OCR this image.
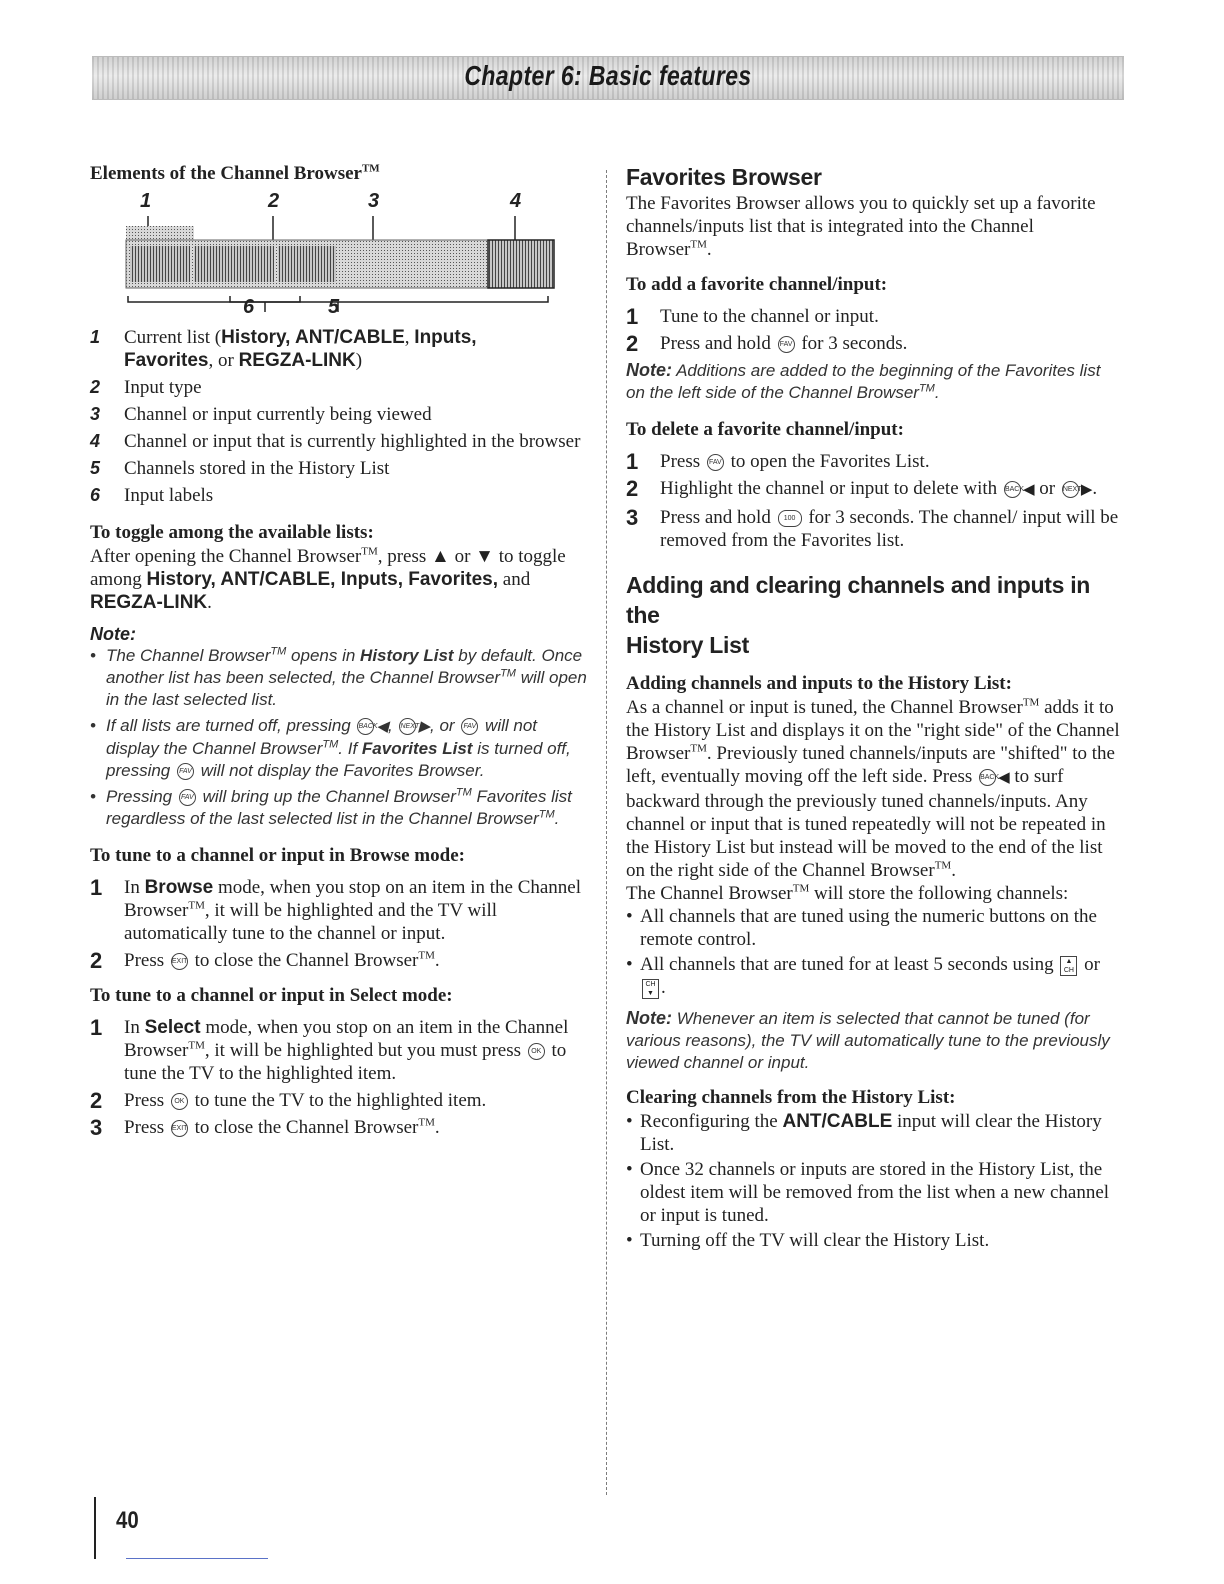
Chapter 6: Basic features
Elements of the Channel Browser™
1	2	3	4
6	5
1	Current list (History, ANT/CABLE, Inputs,
Favorites, or REGZA-LINK)
2	Input type
3	Channel or input currently being viewed
4	Channel or input that is currently highlighted in the browser
5	Channels stored in the History List
6	Input labels
To toggle among the available lists:

After opening the Channel Browser™, press ▲ or ▼ to toggle among History, ANT/CABLE, Inputs, Favorites, and REGZA-LINK.

Note:
• The Channel Browser™ opens in History List by default. Once another list has been selected, the Channel Browser™ will open in the last selected list.
• If all lists are turned off, pressing BACK◀, NEXT▶, or FAV will not display the Channel Browser™. If Favorites List is turned off, pressing FAV will not display the Favorites Browser.
• Pressing FAV will bring up the Channel Browser™ Favorites list regardless of the last selected list in the Channel Browser™.
To tune to a channel or input in Browse mode:
1	In Browse mode, when you stop on an item in the Channel Browser™, it will be highlighted and the TV will automatically tune to the channel or input.
2	Press EXIT to close the Channel Browser™.
To tune to a channel or input in Select mode:
1	In Select mode, when you stop on an item in the Channel Browser™, it will be highlighted but you must press OK to tune the TV to the highlighted item.
2	Press OK to tune the TV to the highlighted item.
3	Press EXIT to close the Channel Browser™.
Favorites Browser

The Favorites Browser allows you to quickly set up a favorite channels/inputs list that is integrated into the Channel Browser™.

To add a favorite channel/input:
1	Tune to the channel or input.
2	Press and hold FAV for 3 seconds.

Note: Additions are added to the beginning of the Favorites list on the left side of the Channel Browser™.

To delete a favorite channel/input:
1	Press FAV to open the Favorites List.
2	Highlight the channel or input to delete with BACK◀ or NEXT▶.
3	Press and hold 100 for 3 seconds. The channel/ input will be removed from the Favorites list.
Adding and clearing channels and inputs in the
History List
Adding channels and inputs to the History List:

As a channel or input is tuned, the Channel Browser™ adds it to the History List and displays it on the "right side" of the Channel Browser™. Previously tuned channels/inputs are "shifted" to the left, eventually moving off the left side. Press BACK◀ to surf backward through the previously tuned channels/inputs. Any channel or input that is tuned repeatedly will not be repeated in the History List but instead will be moved to the end of the list on the right side of the Channel Browser™.

The Channel Browser™ will store the following channels:

• All channels that are tuned using the numeric buttons on the remote control.
• All channels that are tuned for at least 5 seconds using ▲
CH or CH
▼ .

Note: Whenever an item is selected that cannot be tuned (for various reasons), the TV will automatically tune to the previously viewed channel or input.

Clearing channels from the History List:
• Reconfiguring the ANT/CABLE input will clear the History List.
• Once 32 channels or inputs are stored in the History List, the oldest item will be removed from the list when a new channel or input is tuned.
• Turning off the TV will clear the History List.
40
